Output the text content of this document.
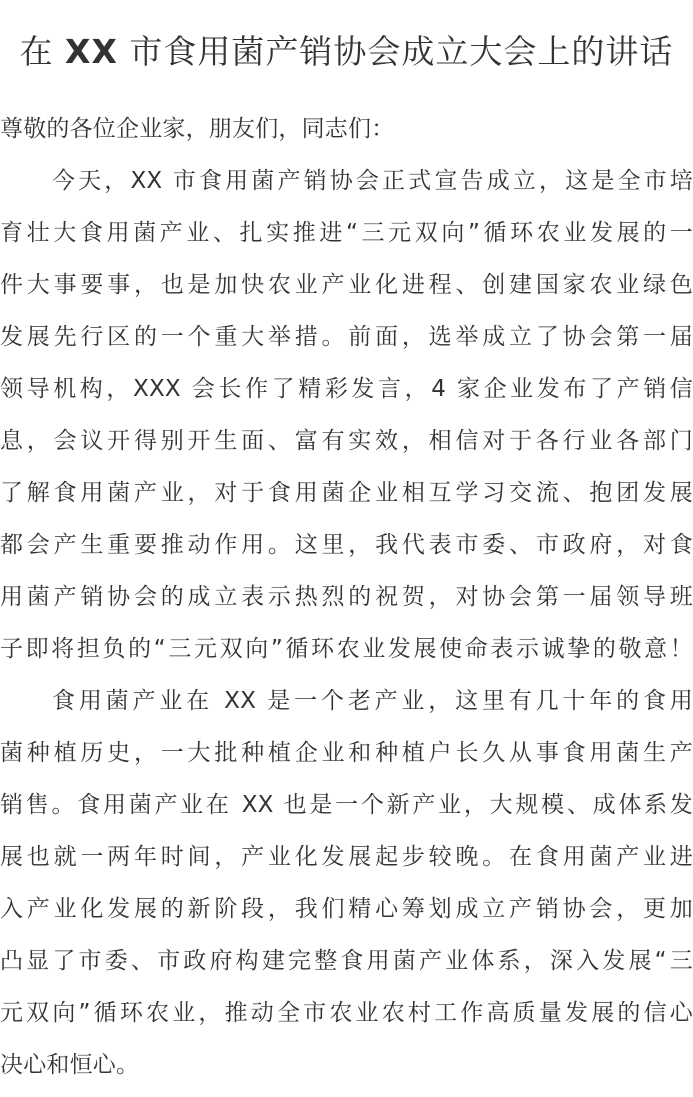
在 XX 市食用菌产销协会成立大会上的讲话
尊敬的各位企业家，朋友们，同志们：
今天，XX 市食用菌产销协会正式宣告成立，这是全市培
育壮大食用菌产业、扎实推进“三元双向”循环农业发展的一
件大事要事，也是加快农业产业化进程、创建国家农业绿色
发展先行区的一个重大举措。前面，选举成立了协会第一届
领导机构，XXX 会长作了精彩发言，4 家企业发布了产销信
息，会议开得别开生面、富有实效，相信对于各行业各部门
了解食用菌产业，对于食用菌企业相互学习交流、抱团发展
都会产生重要推动作用。这里，我代表市委、市政府，对食
用菌产销协会的成立表示热烈的祝贺，对协会第一届领导班
子即将担负的“三元双向”循环农业发展使命表示诚挚的敬意！
食用菌产业在 XX 是一个老产业，这里有几十年的食用
菌种植历史，一大批种植企业和种植户长久从事食用菌生产
销售。食用菌产业在 XX 也是一个新产业，大规模、成体系发
展也就一两年时间，产业化发展起步较晚。在食用菌产业进
入产业化发展的新阶段，我们精心筹划成立产销协会，更加
凸显了市委、市政府构建完整食用菌产业体系，深入发展“三
元双向”循环农业，推动全市农业农村工作高质量发展的信心
决心和恒心。
